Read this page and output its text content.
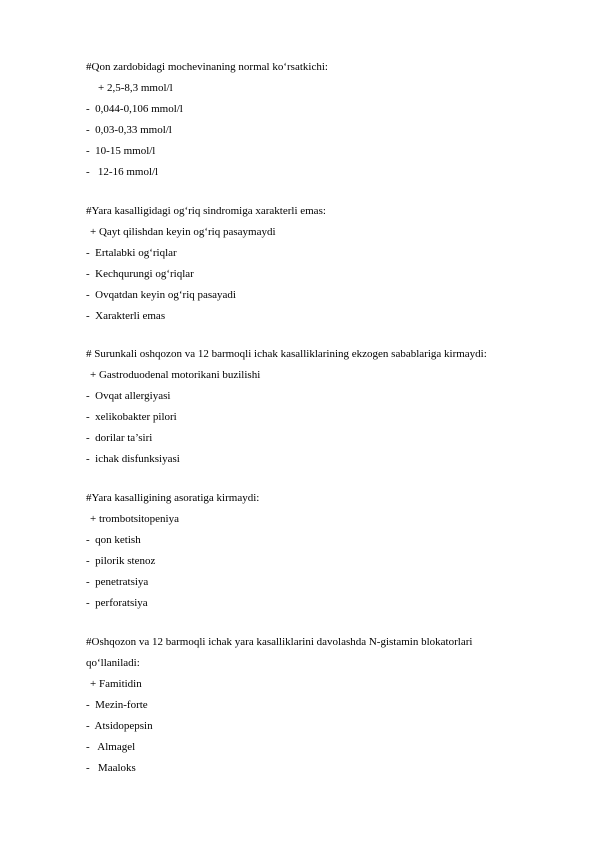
#Qon zardobidagi mochevinaning normal ko‘rsatkichi:
+ 2,5-8,3 mmol/l
-  0,044-0,106 mmol/l
-  0,03-0,33 mmol/l
-  10-15 mmol/l
-   12-16 mmol/l
#Yara kasalligidagi og‘riq sindromiga xarakterli emas:
+ Qayt qilishdan keyin og‘riq pasaymaydi
-  Ertalabki og‘riqlar
-  Kechqurungi og‘riqlar
-  Ovqatdan keyin og‘riq pasayadi
-  Xarakterli emas
# Surunkali oshqozon va 12 barmoqli ichak kasalliklarining ekzogen sabablariga kirmaydi:
+ Gastroduodenal motorikani buzilishi
-  Ovqat allergiyasi
-  xelikobakter pilori
-  dorilar ta’siri
-  ichak disfunksiyasi
#Yara kasalligining asoratiga kirmaydi:
+ trombotsitopeniya
-  qon ketish
-  pilorik stenoz
-  penetratsiya
-  perforatsiya
#Oshqozon va 12 barmoqli ichak yara kasalliklarini davolashda N-gistamin blokatorlari qo‘llaniladi:
+ Famitidin
-  Mezin-forte
-  Atsidopepsin
-   Almagel
-   Maaloks
